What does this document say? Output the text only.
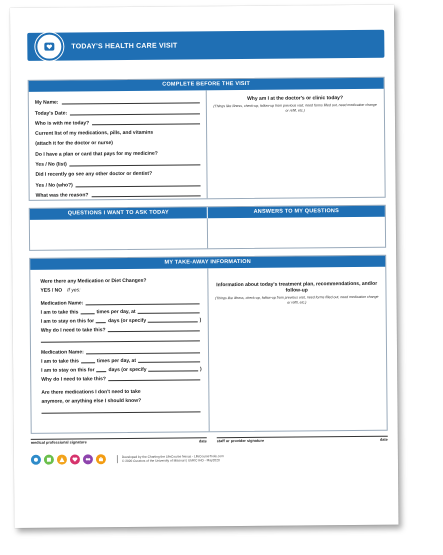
TODAY'S HEALTH CARE VISIT
COMPLETE BEFORE THE VISIT
My Name:
Today's Date:
Who is with me today?
Current list of my medications, pills, and vitamins
(attach it for the doctor or nurse)
Do I have a plan or card that pays for my medicine?
Yes / No (list)
Did I recently go see any other doctor or dentist?
Yes / No (who?)
What was the reason?
Why am I at the doctor's or clinic today?
(Things like illness, check-up, follow-up from previous visit, need forms filled out, need medication change or refill, etc.)
QUESTIONS I WANT TO ASK TODAY	ANSWERS TO MY QUESTIONS
MY TAKE-AWAY INFORMATION
Were there any Medication or Diet Changes?
YES / NO If yes:
Medication Name:
I am to take this	times per day, at
I am to stay on this for	days (or specify	)
Why do I need to take this?
Medication Name:
I am to take this	times per day, at
I am to stay on this for	days (or specify	)
Why do I need to take this?
Are there medications I don't need to take
anymore, or anything else I should know?
Information about today's treatment plan, recommendations, and/or follow-up
(Things like illness, check-up, follow-up from previous visit, need forms filled out, need medication change or refill, etc.)
medical professional signature	date	staff or provider signature	date
Developed by the Charting the LifeCourse Nexus - LifeCourseTools.com
© 2020 Curators of the University of Missouri | UMKC IHD - May2020
